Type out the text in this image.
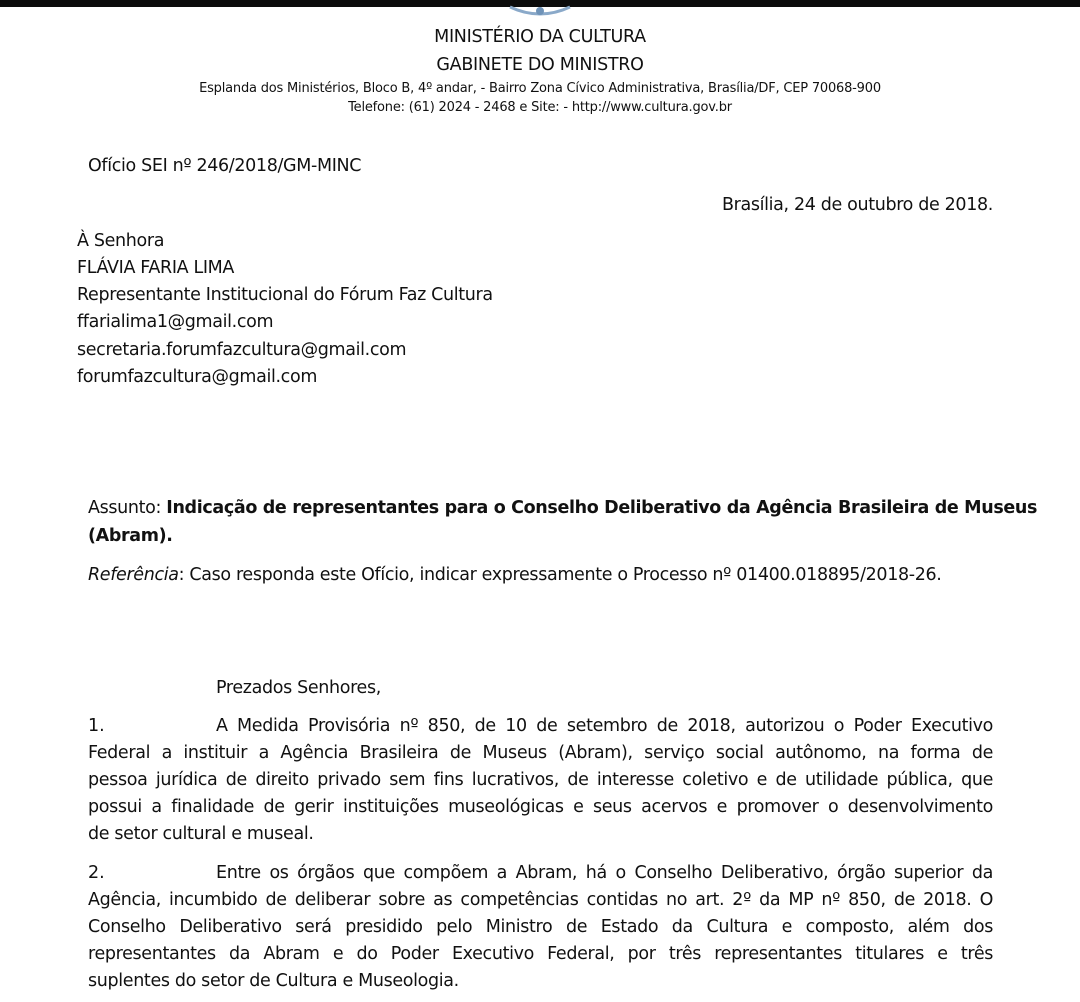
MINISTÉRIO DA CULTURA
GABINETE DO MINISTRO
Esplanda dos Ministérios, Bloco B, 4º andar, - Bairro Zona Cívico Administrativa, Brasília/DF, CEP 70068-900
Telefone: (61) 2024 - 2468 e Site: - http://www.cultura.gov.br
Ofício SEI nº 246/2018/GM-MINC
Brasília, 24 de outubro de 2018.
À Senhora
FLÁVIA FARIA LIMA
Representante Institucional do Fórum Faz Cultura
ffarialima1@gmail.com
secretaria.forumfazcultura@gmail.com
forumfazcultura@gmail.com
Assunto: Indicação de representantes para o Conselho Deliberativo da Agência Brasileira de Museus
(Abram).
Referência: Caso responda este Ofício, indicar expressamente o Processo nº 01400.018895/2018-26.
Prezados Senhores,
1.	A Medida Provisória nº 850, de 10 de setembro de 2018, autorizou o Poder Executivo
Federal a instituir a Agência Brasileira de Museus (Abram), serviço social autônomo, na forma de
pessoa jurídica de direito privado sem fins lucrativos, de interesse coletivo e de utilidade pública, que
possui a finalidade de gerir instituições museológicas e seus acervos e promover o desenvolvimento
de setor cultural e museal.
2.	Entre os órgãos que compõem a Abram, há o Conselho Deliberativo, órgão superior da
Agência, incumbido de deliberar sobre as competências contidas no art. 2º da MP nº 850, de 2018. O
Conselho Deliberativo será presidido pelo Ministro de Estado da Cultura e composto, além dos
representantes da Abram e do Poder Executivo Federal, por três representantes titulares e três
suplentes do setor de Cultura e Museologia.
